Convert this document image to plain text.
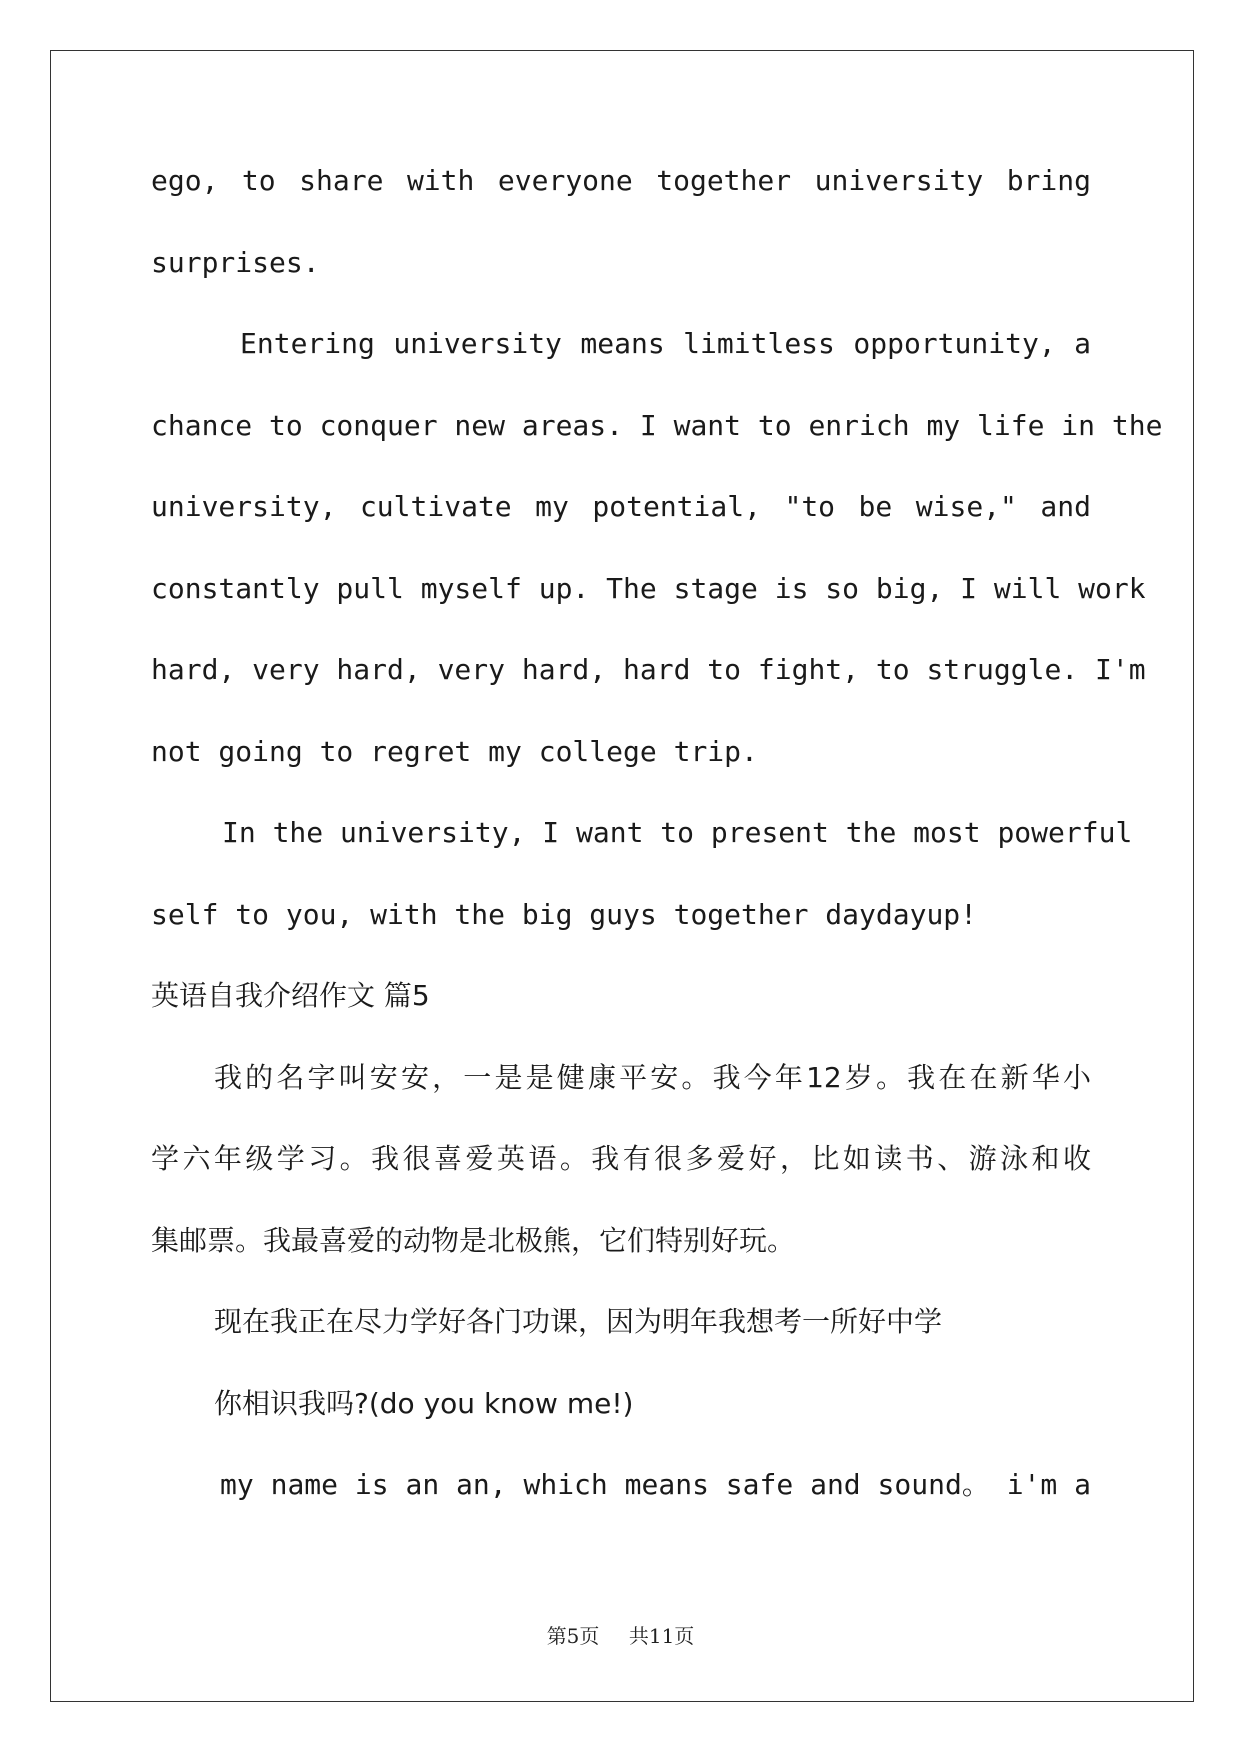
ego, to share with everyone together university bring
surprises.
Entering university means limitless opportunity, a
chance to conquer new areas. I want to enrich my life in the
university, cultivate my potential, "to be wise," and
constantly pull myself up. The stage is so big, I will work
hard, very hard, very hard, hard to fight, to struggle. I'm
not going to regret my college trip.
In the university, I want to present the most powerful
self to you, with the big guys together daydayup!
英语自我介绍作文 篇5
我的名字叫安安，一是是健康平安。我今年12岁。我在在新华小
学六年级学习。我很喜爱英语。我有很多爱好，比如读书、游泳和收
集邮票。我最喜爱的动物是北极熊，它们特别好玩。
现在我正在尽力学好各门功课，因为明年我想考一所好中学
你相识我吗?(do you know me!)
my name is an an, which means safe and sound。 i'm a
第5页 共11页
